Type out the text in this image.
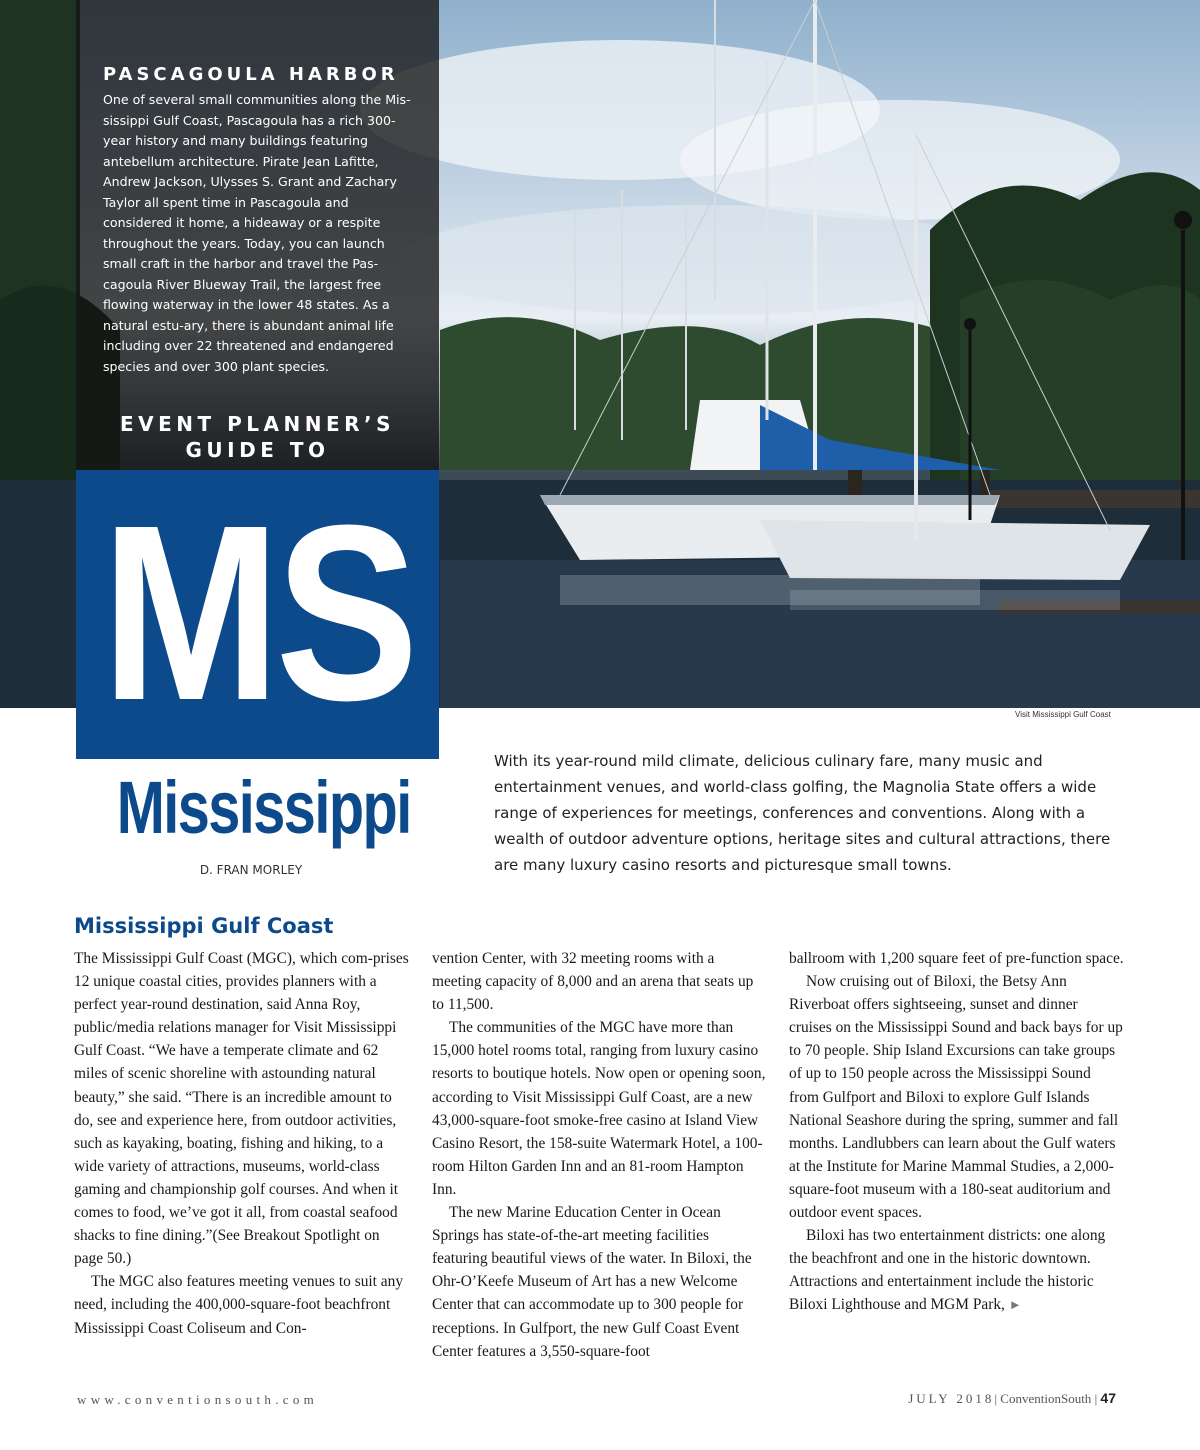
Visit Mississippi Gulf Coast
PASCAGOULA HARBOR
One of several small communities along the Mis-sissippi Gulf Coast, Pascagoula has a rich 300-year history and many buildings featuring antebellum architecture. Pirate Jean Lafitte, Andrew Jackson, Ulysses S. Grant and Zachary Taylor all spent time in Pascagoula and considered it home, a hideaway or a respite throughout the years. Today, you can launch small craft in the harbor and travel the Pas-cagoula River Blueway Trail, the largest free flowing waterway in the lower 48 states. As a natural estu-ary, there is abundant animal life including over 22 threatened and endangered species and over 300 plant species.
EVENT PLANNER’S
GUIDE TO
MS
Mississippi
D. FRAN MORLEY
With its year-round mild climate, delicious culinary fare, many music and entertainment venues, and world-class golfing, the Magnolia State offers a wide range of experiences for meetings, conferences and conventions. Along with a wealth of outdoor adventure options, heritage sites and cultural attractions, there are many luxury casino resorts and picturesque small towns.
Mississippi Gulf Coast

The Mississippi Gulf Coast (MGC), which com-prises 12 unique coastal cities, provides planners with a perfect year-round destination, said Anna Roy, public/media relations manager for Visit Mississippi Gulf Coast. “We have a temperate climate and 62 miles of scenic shoreline with astounding natural beauty,” she said. “There is an incredible amount to do, see and experience here, from outdoor activities, such as kayaking, boating, fishing and hiking, to a wide variety of attractions, museums, world-class gaming and championship golf courses. And when it comes to food, we’ve got it all, from coastal seafood shacks to fine dining.”(See Breakout Spotlight on page 50.)

The MGC also features meeting venues to suit any need, including the 400,000-square-foot beachfront Mississippi Coast Coliseum and Con-

vention Center, with 32 meeting rooms with a meeting capacity of 8,000 and an arena that seats up to 11,500.

The communities of the MGC have more than 15,000 hotel rooms total, ranging from luxury casino resorts to boutique hotels. Now open or opening soon, according to Visit Mississippi Gulf Coast, are a new 43,000-square-foot smoke-free casino at Island View Casino Resort, the 158-suite Watermark Hotel, a 100-room Hilton Garden Inn and an 81-room Hampton Inn.

The new Marine Education Center in Ocean Springs has state-of-the-art meeting facilities featuring beautiful views of the water. In Biloxi, the Ohr-O’Keefe Museum of Art has a new Welcome Center that can accommodate up to 300 people for receptions. In Gulfport, the new Gulf Coast Event Center features a 3,550-square-foot

ballroom with 1,200 square feet of pre-function space.

Now cruising out of Biloxi, the Betsy Ann Riverboat offers sightseeing, sunset and dinner cruises on the Mississippi Sound and back bays for up to 70 people. Ship Island Excursions can take groups of up to 150 people across the Mississippi Sound from Gulfport and Biloxi to explore Gulf Islands National Seashore during the spring, summer and fall months. Landlubbers can learn about the Gulf waters at the Institute for Marine Mammal Studies, a 2,000-square-foot museum with a 180-seat auditorium and outdoor event spaces.

Biloxi has two entertainment districts: one along the beachfront and one in the historic downtown. Attractions and entertainment include the historic Biloxi Lighthouse and MGM Park, ►

www.conventionsouth.com	JULY 2018| ConventionSouth | 47
